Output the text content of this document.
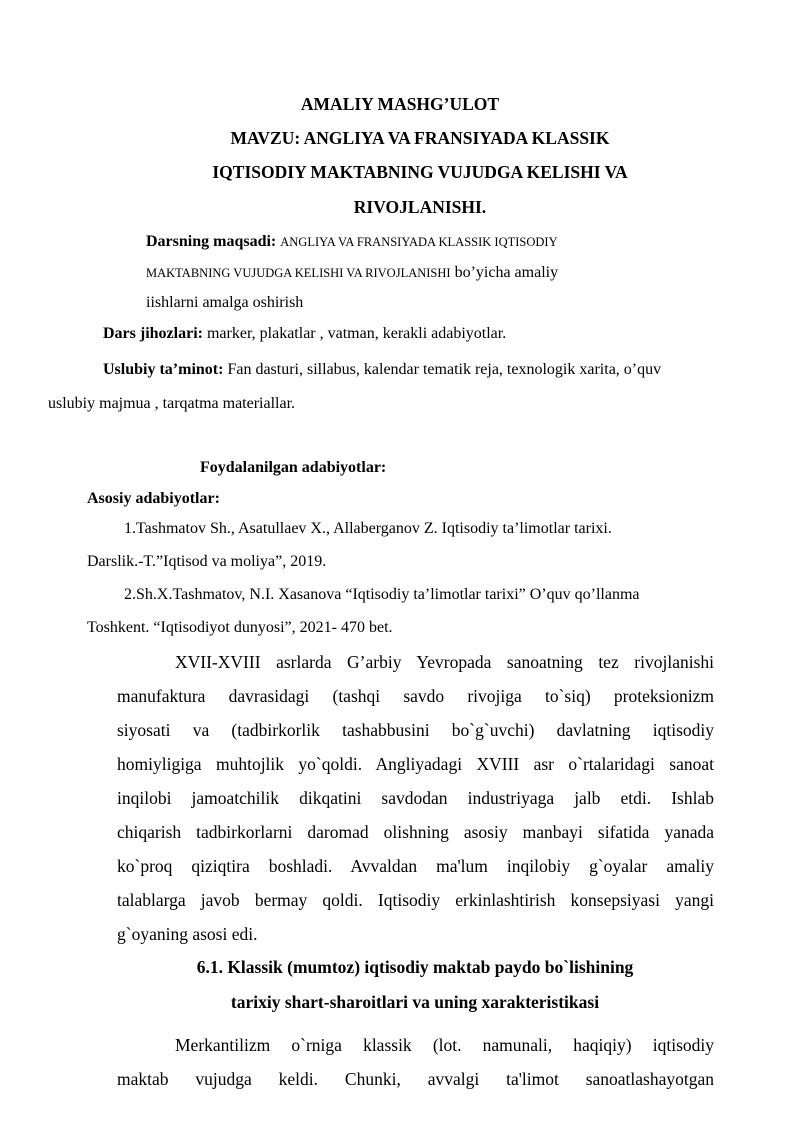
AMALIY MASHG’ULOT
MAVZU: ANGLIYA VA FRANSIYADA KLASSIK
IQTISODIY MAKTABNING VUJUDGA KELISHI VA
RIVOJLANISHI.
Darsning maqsadi: ANGLIYA VA FRANSIYADA KLASSIK IQTISODIY
MAKTABNING VUJUDGA KELISHI VA RIVOJLANISHI bo’yicha amaliy
iishlarni amalga oshirish
Dars jihozlari: marker, plakatlar , vatman, kerakli adabiyotlar.
Uslubiy ta’minot: Fan dasturi, sillabus, kalendar tematik reja, texnologik xarita, o’quv
uslubiy majmua , tarqatma materiallar.
Foydalanilgan adabiyotlar:
Asosiy adabiyotlar:
1.Tashmatov Sh., Asatullaev X., Allaberganov Z. Iqtisodiy ta’limotlar tarixi.
Darslik.-T.”Iqtisod va moliya”, 2019.
2.Sh.X.Tashmatov, N.I. Xasanova “Iqtisodiy ta’limotlar tarixi” O’quv qo’llanma
Toshkent. “Iqtisodiyot dunyosi”, 2021- 470 bet.
XVII-XVIII asrlarda G’arbiy Yevropada sanoatning tez rivojlanishi
manufaktura davrasidagi (tashqi savdo rivojiga to`siq) proteksionizm
siyosati va (tadbirkorlik tashabbusini bo`g`uvchi) davlatning iqtisodiy
homiyligiga muhtojlik yo`qoldi. Angliyadagi XVIII asr o`rtalaridagi sanoat
inqilobi jamoatchilik dikqatini savdodan industriyaga jalb etdi. Ishlab
chiqarish tadbirkorlarni daromad olishning asosiy manbayi sifatida yanada
ko`proq qiziqtira boshladi. Avvaldan ma'lum inqilobiy g`oyalar amaliy
talablarga javob bermay qoldi. Iqtisodiy erkinlashtirish konsepsiyasi yangi
g`oyaning asosi edi.
6.1. Klassik (mumtoz) iqtisodiy maktab paydo bo`lishining
tarixiy shart-sharoitlari va uning xarakteristikasi
Merkantilizm o`rniga klassik (lot. namunali, haqiqiy) iqtisodiy
maktab vujudga keldi. Chunki, avvalgi ta'limot sanoatlashayotgan
